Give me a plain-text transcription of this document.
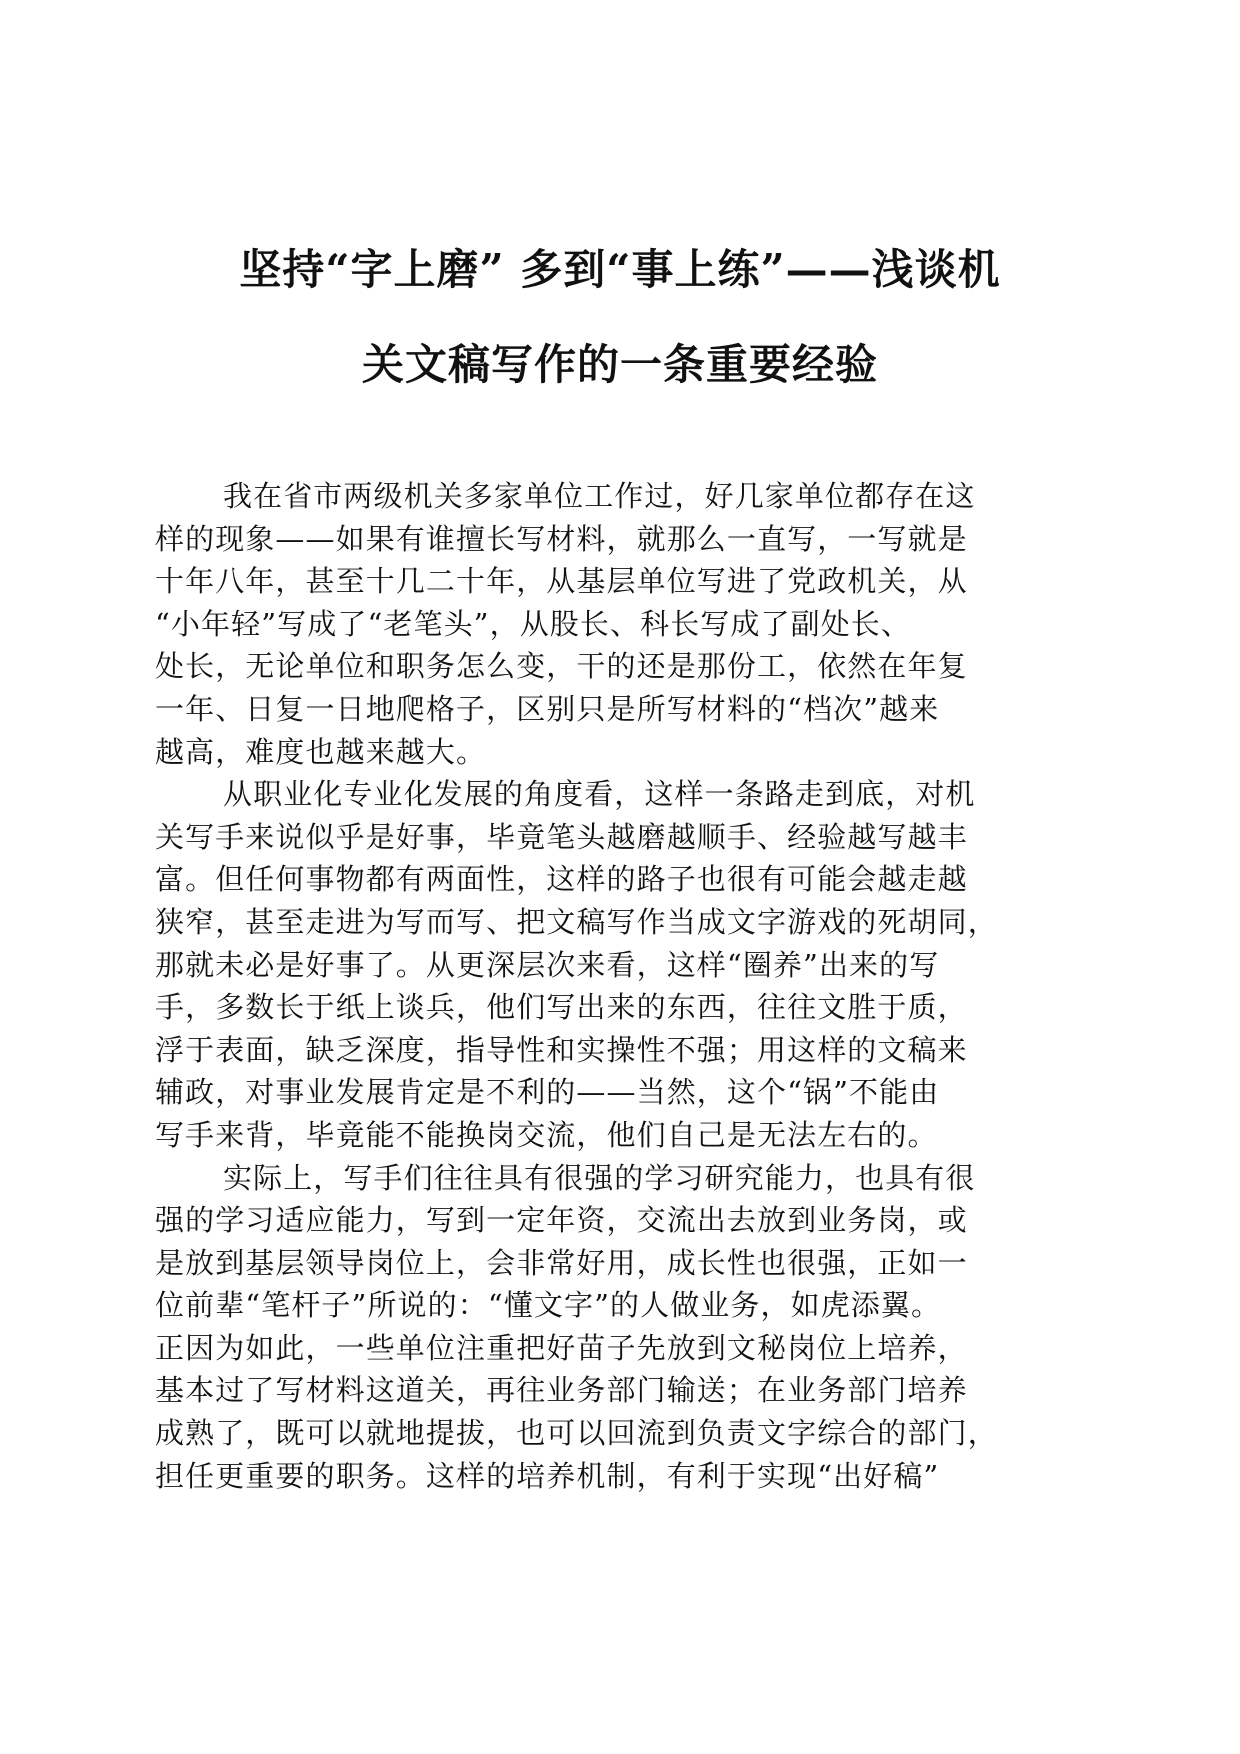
坚持“字上磨” 多到“事上练”——浅谈机
关文稿写作的一条重要经验
我在省市两级机关多家单位工作过，好几家单位都存在这
样的现象——如果有谁擅长写材料，就那么一直写，一写就是
十年八年，甚至十几二十年，从基层单位写进了党政机关，从
“小年轻”写成了“老笔头”，从股长、科长写成了副处长、
处长，无论单位和职务怎么变，干的还是那份工，依然在年复
一年、日复一日地爬格子，区别只是所写材料的“档次”越来
越高，难度也越来越大。
从职业化专业化发展的角度看，这样一条路走到底，对机
关写手来说似乎是好事，毕竟笔头越磨越顺手、经验越写越丰
富。但任何事物都有两面性，这样的路子也很有可能会越走越
狭窄，甚至走进为写而写、把文稿写作当成文字游戏的死胡同，
那就未必是好事了。从更深层次来看，这样“圈养”出来的写
手，多数长于纸上谈兵，他们写出来的东西，往往文胜于质，
浮于表面，缺乏深度，指导性和实操性不强；用这样的文稿来
辅政，对事业发展肯定是不利的——当然，这个“锅”不能由
写手来背，毕竟能不能换岗交流，他们自己是无法左右的。
实际上，写手们往往具有很强的学习研究能力，也具有很
强的学习适应能力，写到一定年资，交流出去放到业务岗，或
是放到基层领导岗位上，会非常好用，成长性也很强，正如一
位前辈“笔杆子”所说的：“懂文字”的人做业务，如虎添翼。
正因为如此，一些单位注重把好苗子先放到文秘岗位上培养，
基本过了写材料这道关，再往业务部门输送；在业务部门培养
成熟了，既可以就地提拔，也可以回流到负责文字综合的部门，
担任更重要的职务。这样的培养机制，有利于实现“出好稿”
